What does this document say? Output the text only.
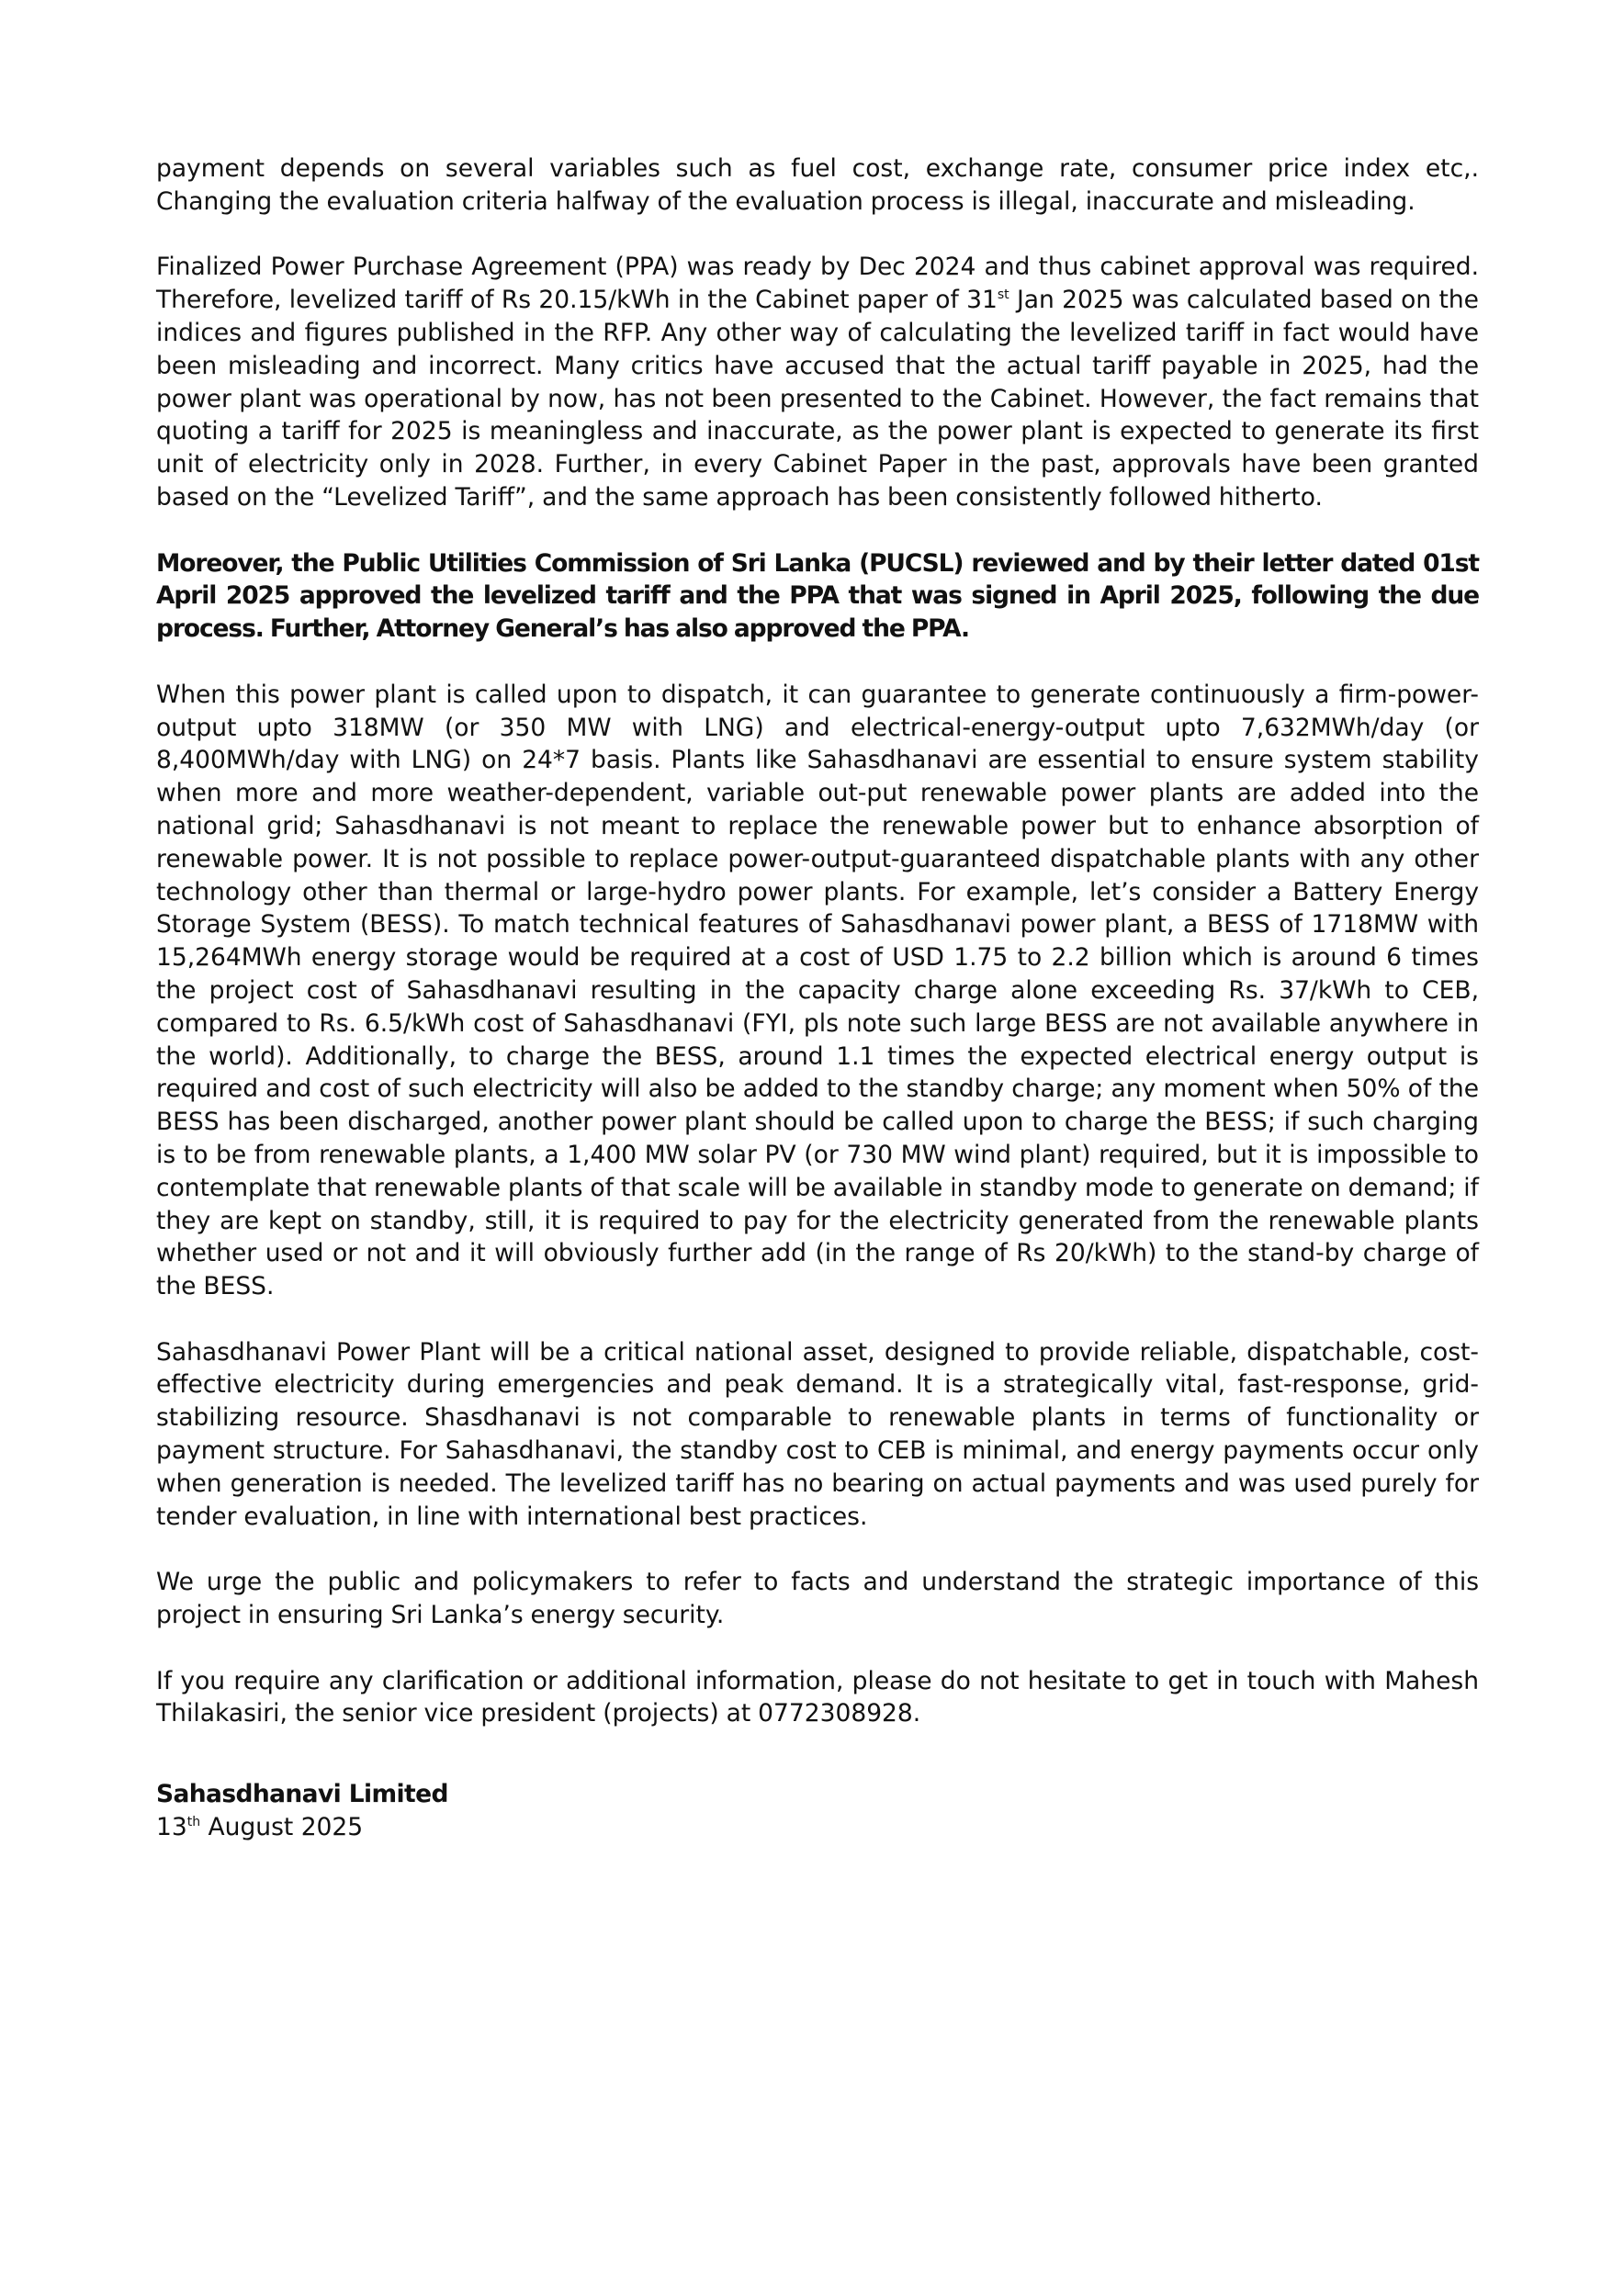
payment depends on several variables such as fuel cost, exchange rate, consumer price index etc,. Changing the evaluation criteria halfway of the evaluation process is illegal, inaccurate and misleading.

Finalized Power Purchase Agreement (PPA) was ready by Dec 2024 and thus cabinet approval was required. Therefore, levelized tariff of Rs 20.15/kWh in the Cabinet paper of 31st Jan 2025 was calculated based on the indices and figures published in the RFP. Any other way of calculating the levelized tariff in fact would have been misleading and incorrect. Many critics have accused that the actual tariff payable in 2025, had the power plant was operational by now, has not been presented to the Cabinet. However, the fact remains that quoting a tariff for 2025 is meaningless and inaccurate, as the power plant is expected to generate its first unit of electricity only in 2028. Further, in every Cabinet Paper in the past, approvals have been granted based on the “Levelized Tariff”, and the same approach has been consistently followed hitherto.

Moreover, the Public Utilities Commission of Sri Lanka (PUCSL) reviewed and by their letter dated 01st April 2025 approved the levelized tariff and the PPA that was signed in April 2025, following the due process. Further, Attorney General’s has also approved the PPA.

When this power plant is called upon to dispatch, it can guarantee to generate continuously a firm-power-output upto 318MW (or 350 MW with LNG) and electrical-energy-output upto 7,632MWh/day (or 8,400MWh/day with LNG) on 24*7 basis. Plants like Sahasdhanavi are essential to ensure system stability when more and more weather-dependent, variable out-put renewable power plants are added into the national grid; Sahasdhanavi is not meant to replace the renewable power but to enhance absorption of renewable power. It is not possible to replace power-output-guaranteed dispatchable plants with any other technology other than thermal or large-hydro power plants. For example, let’s consider a Battery Energy Storage System (BESS). To match technical features of Sahasdhanavi power plant, a BESS of 1718MW with 15,264MWh energy storage would be required at a cost of USD 1.75 to 2.2 billion which is around 6 times the project cost of Sahasdhanavi resulting in the capacity charge alone exceeding Rs. 37/kWh to CEB, compared to Rs. 6.5/kWh cost of Sahasdhanavi (FYI, pls note such large BESS are not available anywhere in the world). Additionally, to charge the BESS, around 1.1 times the expected electrical energy output is required and cost of such electricity will also be added to the standby charge; any moment when 50% of the BESS has been discharged, another power plant should be called upon to charge the BESS; if such charging is to be from renewable plants, a 1,400 MW solar PV (or 730 MW wind plant) required, but it is impossible to contemplate that renewable plants of that scale will be available in standby mode to generate on demand; if they are kept on standby, still, it is required to pay for the electricity generated from the renewable plants whether used or not and it will obviously further add (in the range of Rs 20/kWh) to the stand-by charge of the BESS.

Sahasdhanavi Power Plant will be a critical national asset, designed to provide reliable, dispatchable, cost-effective electricity during emergencies and peak demand. It is a strategically vital, fast-response, grid-stabilizing resource. Shasdhanavi is not comparable to renewable plants in terms of functionality or payment structure. For Sahasdhanavi, the standby cost to CEB is minimal, and energy payments occur only when generation is needed. The levelized tariff has no bearing on actual payments and was used purely for tender evaluation, in line with international best practices.

We urge the public and policymakers to refer to facts and understand the strategic importance of this project in ensuring Sri Lanka’s energy security.

If you require any clarification or additional information, please do not hesitate to get in touch with Mahesh Thilakasiri, the senior vice president (projects) at 0772308928.

Sahasdhanavi Limited
13th August 2025
